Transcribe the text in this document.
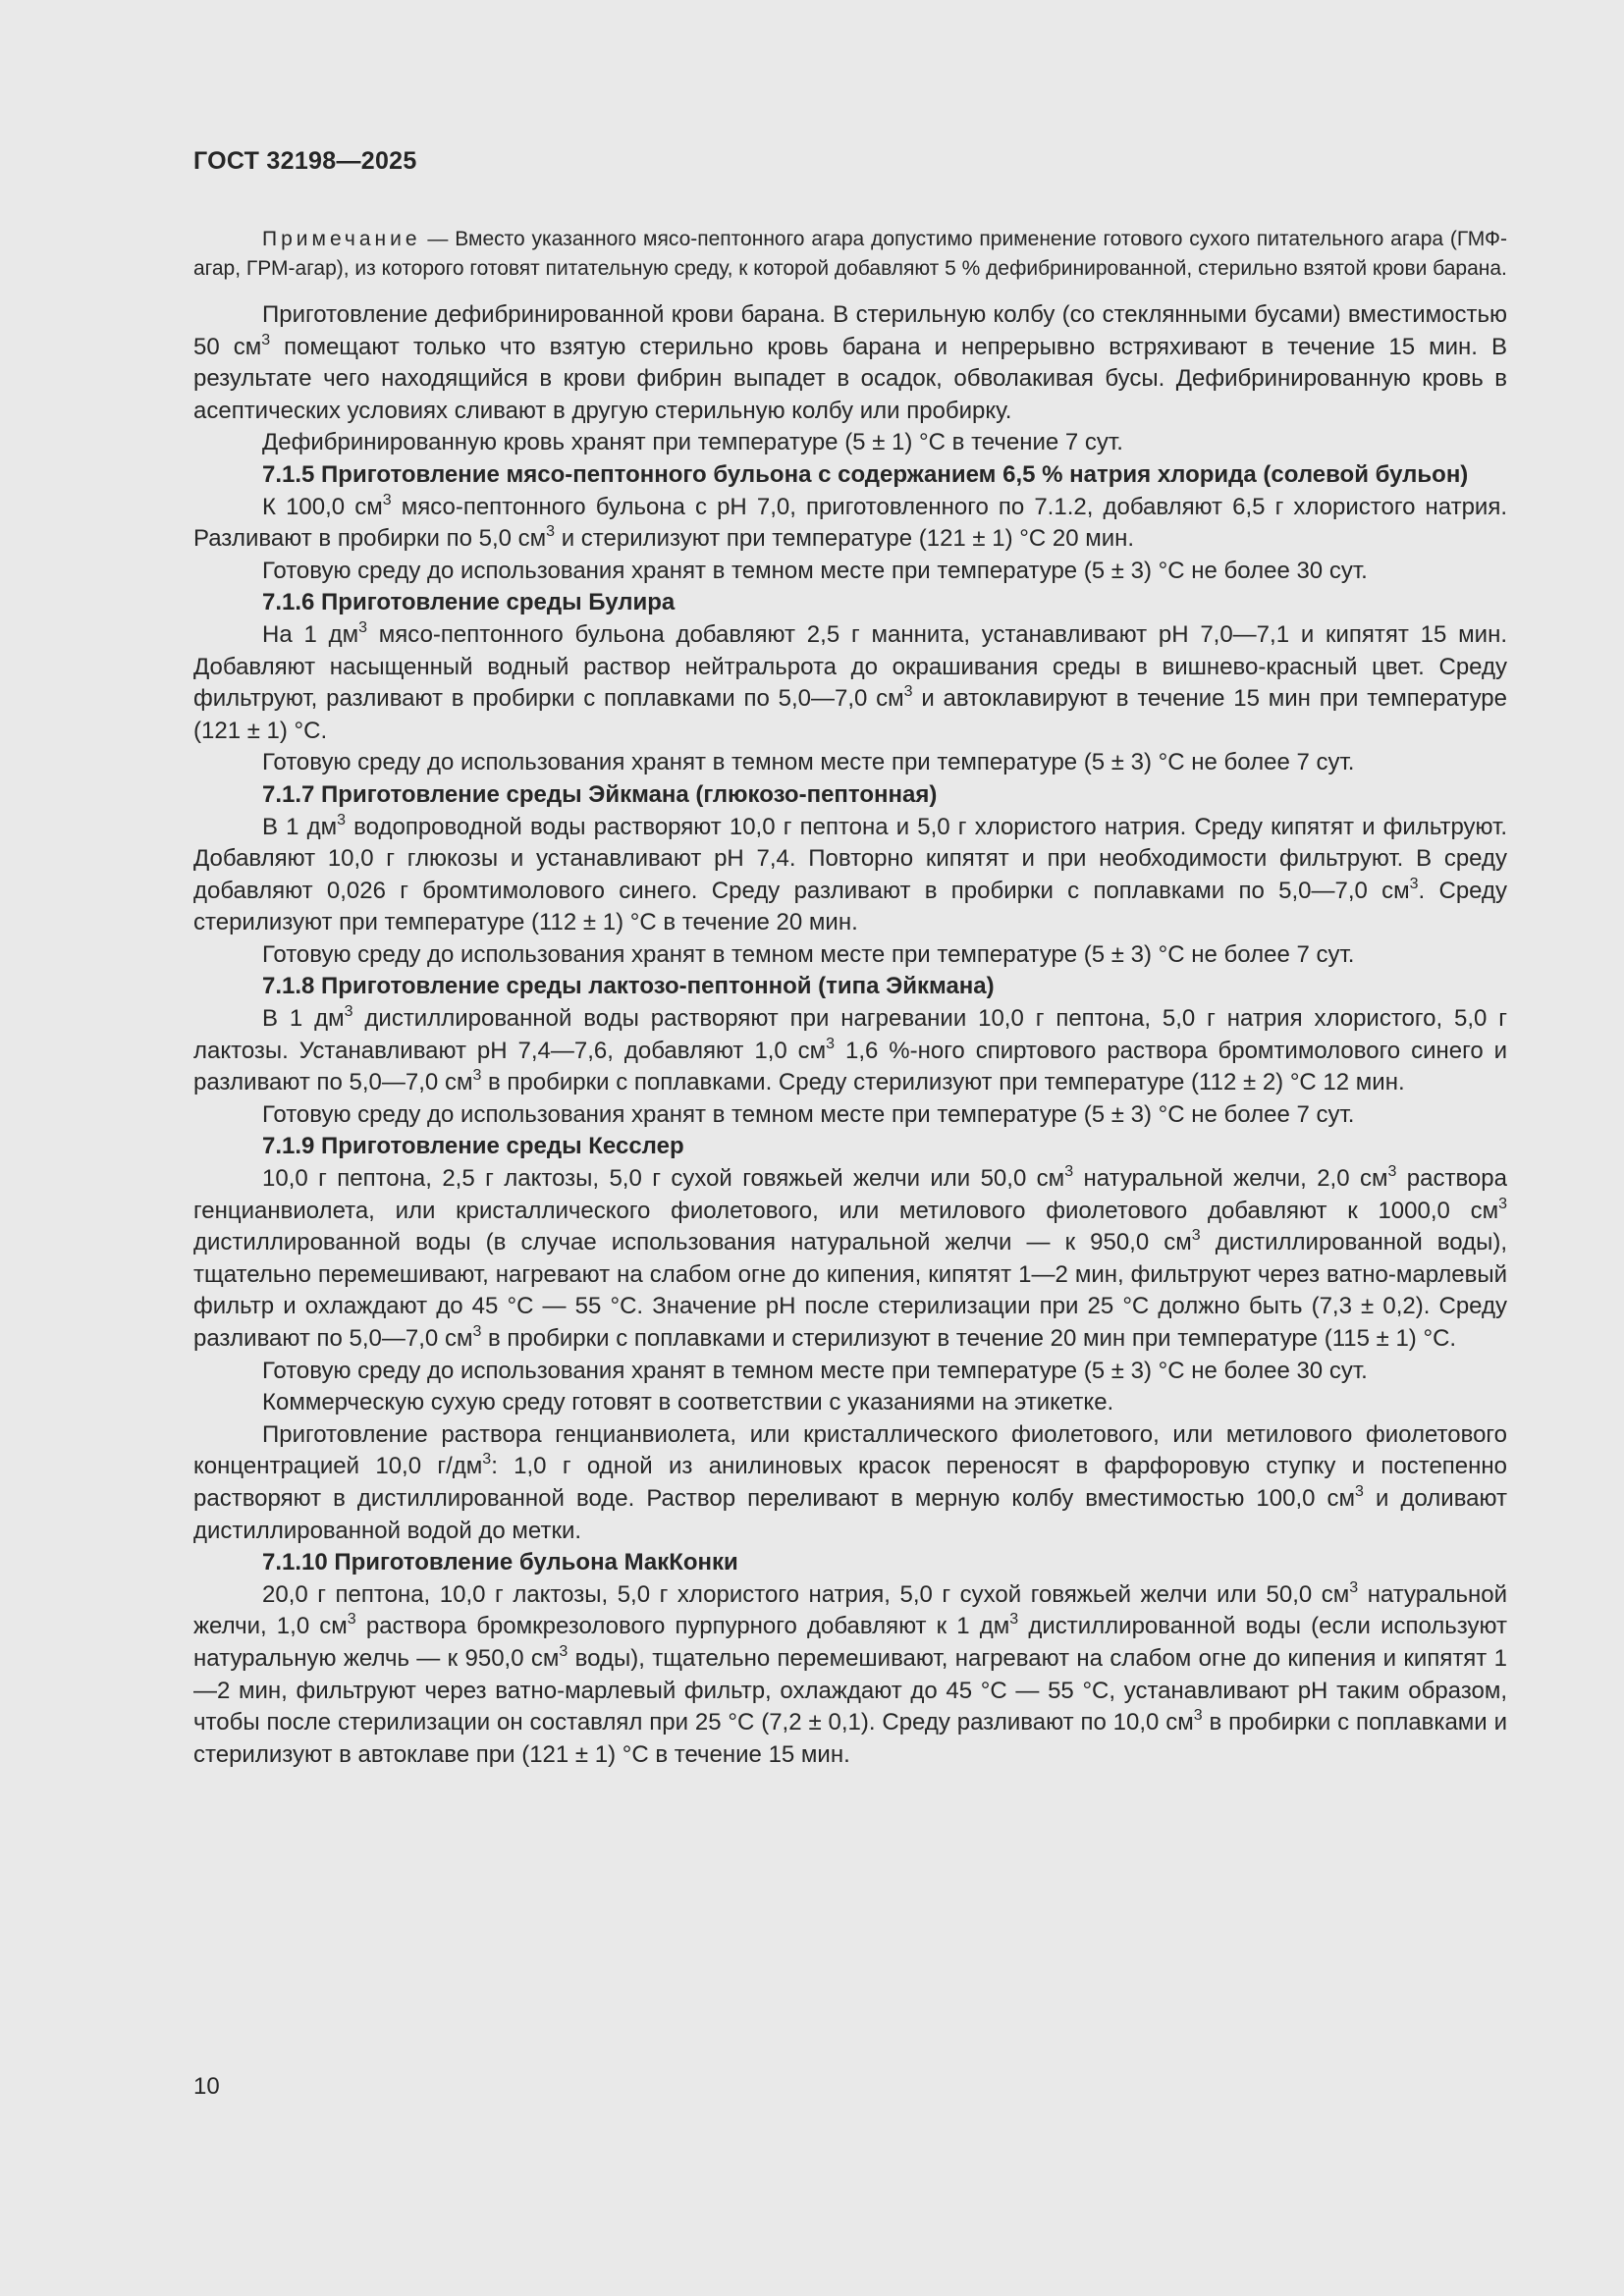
ГОСТ 32198—2025

Примечание — Вместо указанного мясо-пептонного агара допустимо применение готового сухого питательного агара (ГМФ-агар, ГРМ-агар), из которого готовят питательную среду, к которой добавляют 5 % дефибринированной, стерильно взятой крови барана.

Приготовление дефибринированной крови барана. В стерильную колбу (со стеклянными бусами) вместимостью 50 $см^3$ помещают только что взятую стерильно кровь барана и непрерывно встряхивают в течение 15 мин. В результате чего находящийся в крови фибрин выпадет в осадок, обволакивая бусы. Дефибринированную кровь в асептических условиях сливают в другую стерильную колбу или пробирку.

Дефибринированную кровь хранят при температуре (5 ± 1) °С в течение 7 сут.

7.1.5 Приготовление мясо-пептонного бульона с содержанием 6,5 % натрия хлорида (солевой бульон)

К 100,0 $см^3$ мясо-пептонного бульона с pH 7,0, приготовленного по 7.1.2, добавляют 6,5 г хлористого натрия. Разливают в пробирки по 5,0 $см^3$ и стерилизуют при температуре (121 ± 1) °С 20 мин.

Готовую среду до использования хранят в темном месте при температуре (5 ± 3) °С не более 30 сут.

7.1.6 Приготовление среды Булира

На 1 $дм^3$ мясо-пептонного бульона добавляют 2,5 г маннита, устанавливают pH 7,0—7,1 и кипятят 15 мин. Добавляют насыщенный водный раствор нейтральрота до окрашивания среды в вишнево-красный цвет. Среду фильтруют, разливают в пробирки с поплавками по 5,0—7,0 $см^3$ и автоклавируют в течение 15 мин при температуре (121 ± 1) °С.

Готовую среду до использования хранят в темном месте при температуре (5 ± 3) °С не более 7 сут.

7.1.7 Приготовление среды Эйкмана (глюкозо-пептонная)

В 1 $дм^3$ водопроводной воды растворяют 10,0 г пептона и 5,0 г хлористого натрия. Среду кипятят и фильтруют. Добавляют 10,0 г глюкозы и устанавливают pH 7,4. Повторно кипятят и при необходимости фильтруют. В среду добавляют 0,026 г бромтимолового синего. Среду разливают в пробирки с поплавками по 5,0—7,0 $см^3$. Среду стерилизуют при температуре (112 ± 1) °С в течение 20 мин.

Готовую среду до использования хранят в темном месте при температуре (5 ± 3) °С не более 7 сут.

7.1.8 Приготовление среды лактозо-пептонной (типа Эйкмана)

В 1 $дм^3$ дистиллированной воды растворяют при нагревании 10,0 г пептона, 5,0 г натрия хлористого, 5,0 г лактозы. Устанавливают pH 7,4—7,6, добавляют 1,0 $см^3$ 1,6 %-ного спиртового раствора бромтимолового синего и разливают по 5,0—7,0 $см^3$ в пробирки с поплавками. Среду стерилизуют при температуре (112 ± 2) °С 12 мин.

Готовую среду до использования хранят в темном месте при температуре (5 ± 3) °С не более 7 сут.

7.1.9 Приготовление среды Кесслер

10,0 г пептона, 2,5 г лактозы, 5,0 г сухой говяжьей желчи или 50,0 $см^3$ натуральной желчи, 2,0 $см^3$ раствора генцианвиолета, или кристаллического фиолетового, или метилового фиолетового добавляют к 1000,0 $см^3$ дистиллированной воды (в случае использования натуральной желчи — к 950,0 $см^3$ дистиллированной воды), тщательно перемешивают, нагревают на слабом огне до кипения, кипятят 1—2 мин, фильтруют через ватно-марлевый фильтр и охлаждают до 45 °С — 55 °С. Значение pH после стерилизации при 25 °С должно быть (7,3 ± 0,2). Среду разливают по 5,0—7,0 $см^3$ в пробирки с поплавками и стерилизуют в течение 20 мин при температуре (115 ± 1) °С.

Готовую среду до использования хранят в темном месте при температуре (5 ± 3) °С не более 30 сут.

Коммерческую сухую среду готовят в соответствии с указаниями на этикетке.

Приготовление раствора генцианвиолета, или кристаллического фиолетового, или метилового фиолетового концентрацией 10,0 $г/дм^3$: 1,0 г одной из анилиновых красок переносят в фарфоровую ступку и постепенно растворяют в дистиллированной воде. Раствор переливают в мерную колбу вместимостью 100,0 $см^3$ и доливают дистиллированной водой до метки.

7.1.10 Приготовление бульона МакКонки

20,0 г пептона, 10,0 г лактозы, 5,0 г хлористого натрия, 5,0 г сухой говяжьей желчи или 50,0 $см^3$ натуральной желчи, 1,0 $см^3$ раствора бромкрезолового пурпурного добавляют к 1 $дм^3$ дистиллированной воды (если используют натуральную желчь — к 950,0 $см^3$ воды), тщательно перемешивают, нагревают на слабом огне до кипения и кипятят 1—2 мин, фильтруют через ватно-марлевый фильтр, охлаждают до 45 °С — 55 °С, устанавливают pH таким образом, чтобы после стерилизации он составлял при 25 °С (7,2 ± 0,1). Среду разливают по 10,0 $см^3$ в пробирки с поплавками и стерилизуют в автоклаве при (121 ± 1) °С в течение 15 мин.

10
